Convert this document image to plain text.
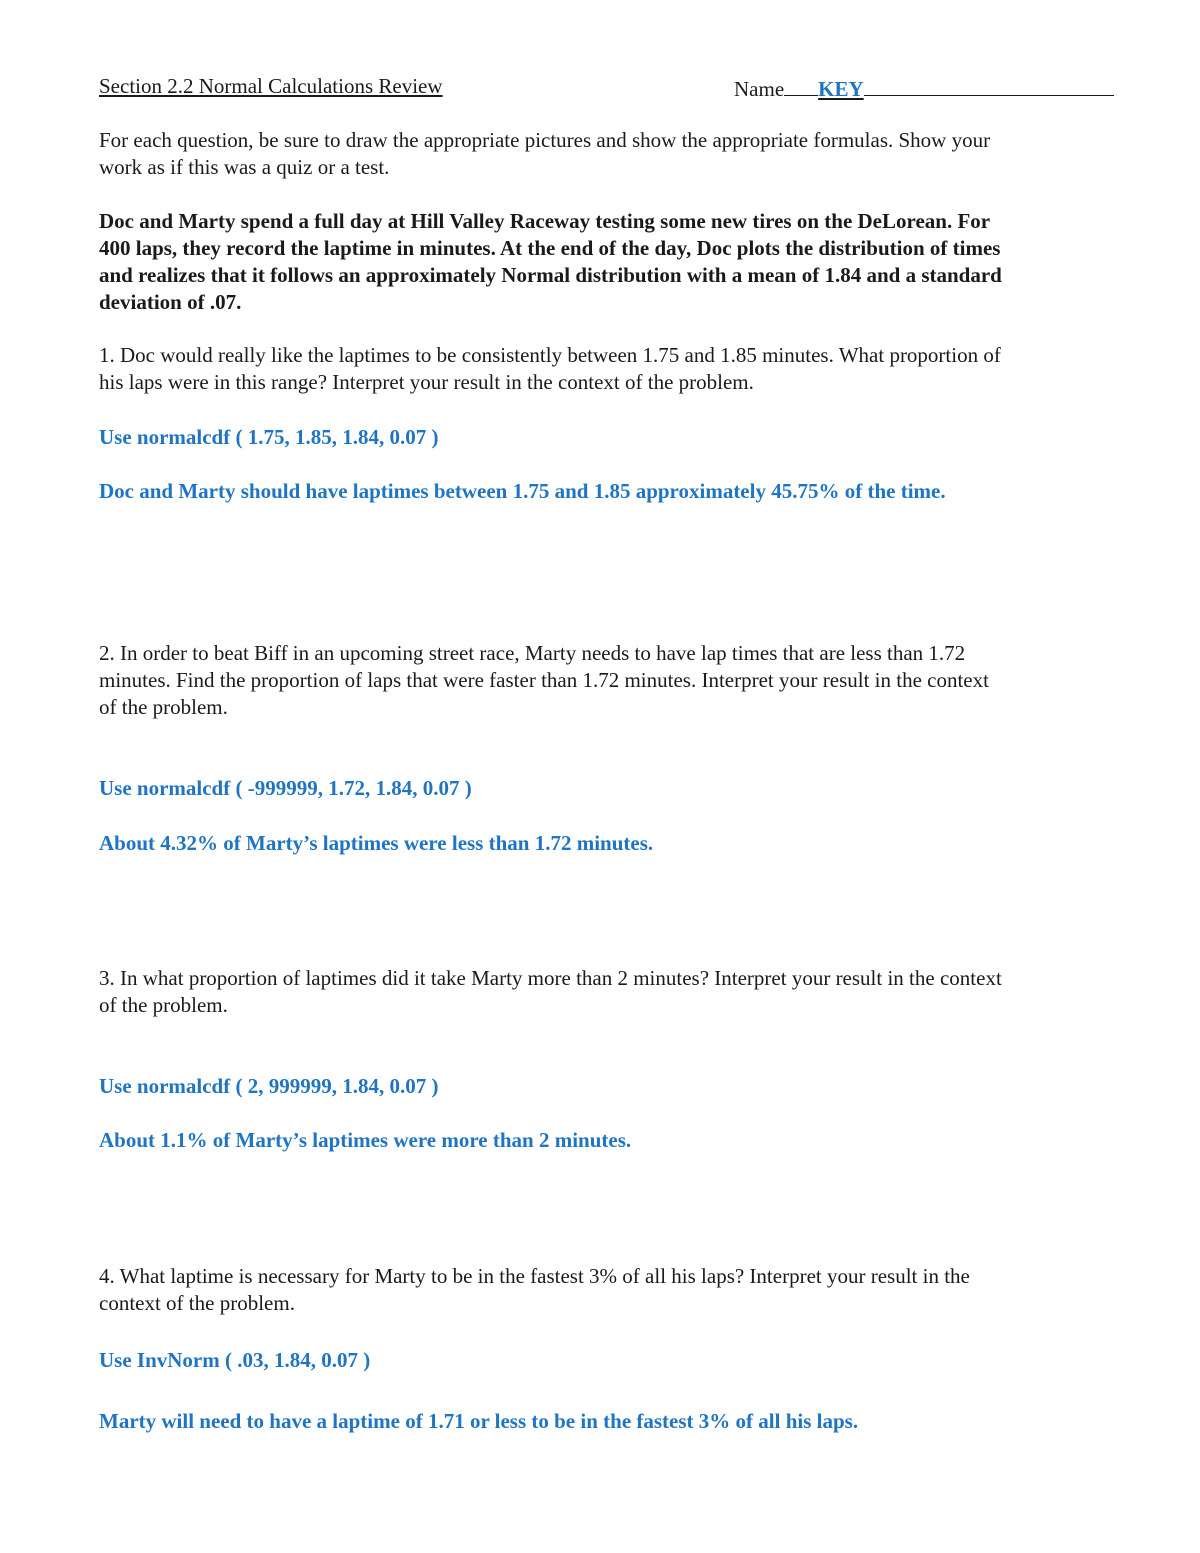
Section 2.2 Normal Calculations Review	Name KEY
For each question, be sure to draw the appropriate pictures and show the appropriate formulas. Show your
work as if this was a quiz or a test.
Doc and Marty spend a full day at Hill Valley Raceway testing some new tires on the DeLorean. For
400 laps, they record the laptime in minutes. At the end of the day, Doc plots the distribution of times
and realizes that it follows an approximately Normal distribution with a mean of 1.84 and a standard
deviation of .07.
1. Doc would really like the laptimes to be consistently between 1.75 and 1.85 minutes. What proportion of
his laps were in this range? Interpret your result in the context of the problem.
Use normalcdf ( 1.75, 1.85, 1.84, 0.07 )
Doc and Marty should have laptimes between 1.75 and 1.85 approximately 45.75% of the time.
2. In order to beat Biff in an upcoming street race, Marty needs to have lap times that are less than 1.72
minutes. Find the proportion of laps that were faster than 1.72 minutes. Interpret your result in the context
of the problem.
Use normalcdf ( -999999, 1.72, 1.84, 0.07 )
About 4.32% of Marty’s laptimes were less than 1.72 minutes.
3. In what proportion of laptimes did it take Marty more than 2 minutes? Interpret your result in the context
of the problem.
Use normalcdf ( 2, 999999, 1.84, 0.07 )
About 1.1% of Marty’s laptimes were more than 2 minutes.
4. What laptime is necessary for Marty to be in the fastest 3% of all his laps? Interpret your result in the
context of the problem.
Use InvNorm ( .03, 1.84, 0.07 )
Marty will need to have a laptime of 1.71 or less to be in the fastest 3% of all his laps.
